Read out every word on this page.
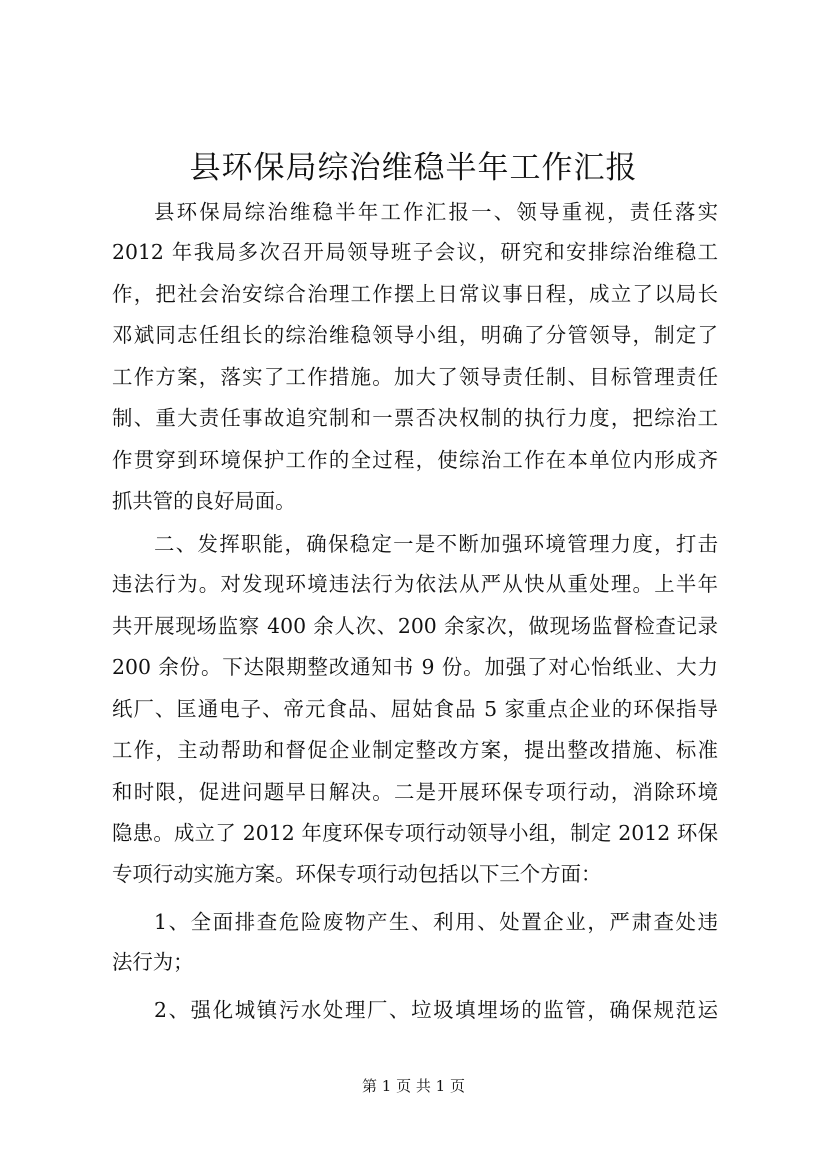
县环保局综治维稳半年工作汇报
县环保局综治维稳半年工作汇报一、领导重视，责任落实
2012 年我局多次召开局领导班子会议，研究和安排综治维稳工
作，把社会治安综合治理工作摆上日常议事日程，成立了以局长
邓斌同志任组长的综治维稳领导小组，明确了分管领导，制定了
工作方案，落实了工作措施。加大了领导责任制、目标管理责任
制、重大责任事故追究制和一票否决权制的执行力度，把综治工
作贯穿到环境保护工作的全过程，使综治工作在本单位内形成齐
抓共管的良好局面。
二、发挥职能，确保稳定一是不断加强环境管理力度，打击
违法行为。对发现环境违法行为依法从严从快从重处理。上半年
共开展现场监察 400 余人次、200 余家次，做现场监督检查记录
200 余份。下达限期整改通知书 9 份。加强了对心怡纸业、大力
纸厂、匡通电子、帝元食品、屈姑食品 5 家重点企业的环保指导
工作，主动帮助和督促企业制定整改方案，提出整改措施、标准
和时限，促进问题早日解决。二是开展环保专项行动，消除环境
隐患。成立了 2012 年度环保专项行动领导小组，制定 2012 环保
专项行动实施方案。环保专项行动包括以下三个方面：
1、全面排查危险废物产生、利用、处置企业，严肃查处违
法行为；
2、强化城镇污水处理厂、垃圾填埋场的监管，确保规范运
第 1 页 共 1 页
